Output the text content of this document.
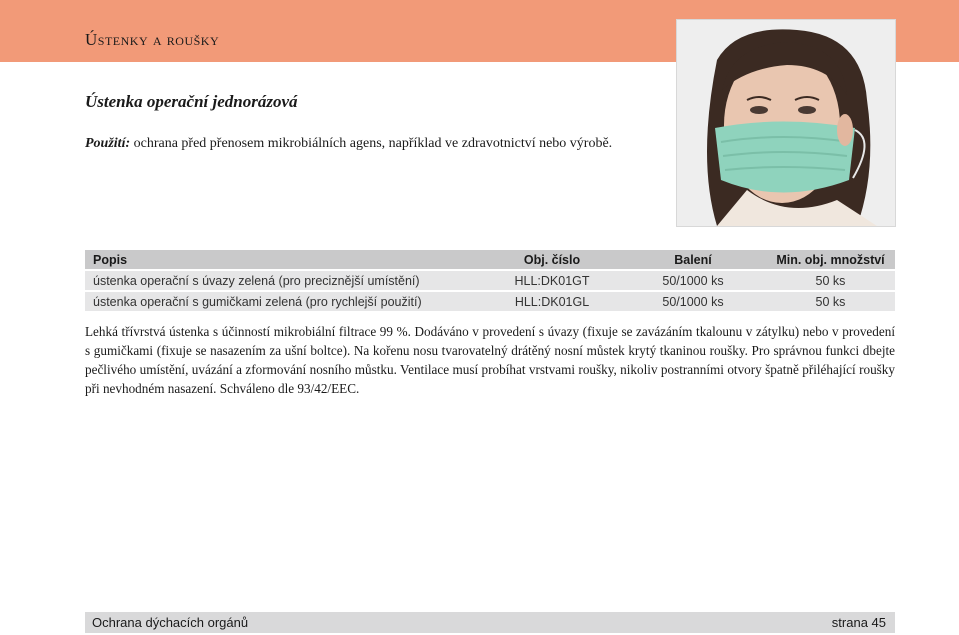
Ústenky a roušky
Ústenka operační jednorázová
Použití: ochrana před přenosem mikrobiálních agens, například ve zdravotnictví nebo výrobě.
Popis	Obj. číslo	Balení	Min. obj. množství
ústenka operační s úvazy zelená (pro preciznější umístění)	HLL:DK01GT	50/1000 ks	50 ks
ústenka operační s gumičkami zelená (pro rychlejší použití)	HLL:DK01GL	50/1000 ks	50 ks
Lehká třívrstvá ústenka s účinností mikrobiální filtrace 99 %. Dodáváno v provedení s úvazy (fixuje se zavázáním tkalounu v zátylku) nebo v provedení s gumičkami (fixuje se nasazením za ušní boltce). Na kořenu nosu tvarovatelný drátěný nosní můstek krytý tkaninou roušky. Pro správnou funkci dbejte pečlivého umístění, uvázání a zformování nosního můstku. Ventilace musí probíhat vrstvami roušky, nikoliv postranními otvory špatně přiléhající roušky při nevhodném nasazení. Schváleno dle 93/42/EEC.
Ochrana dýchacích orgánů	strana 45
